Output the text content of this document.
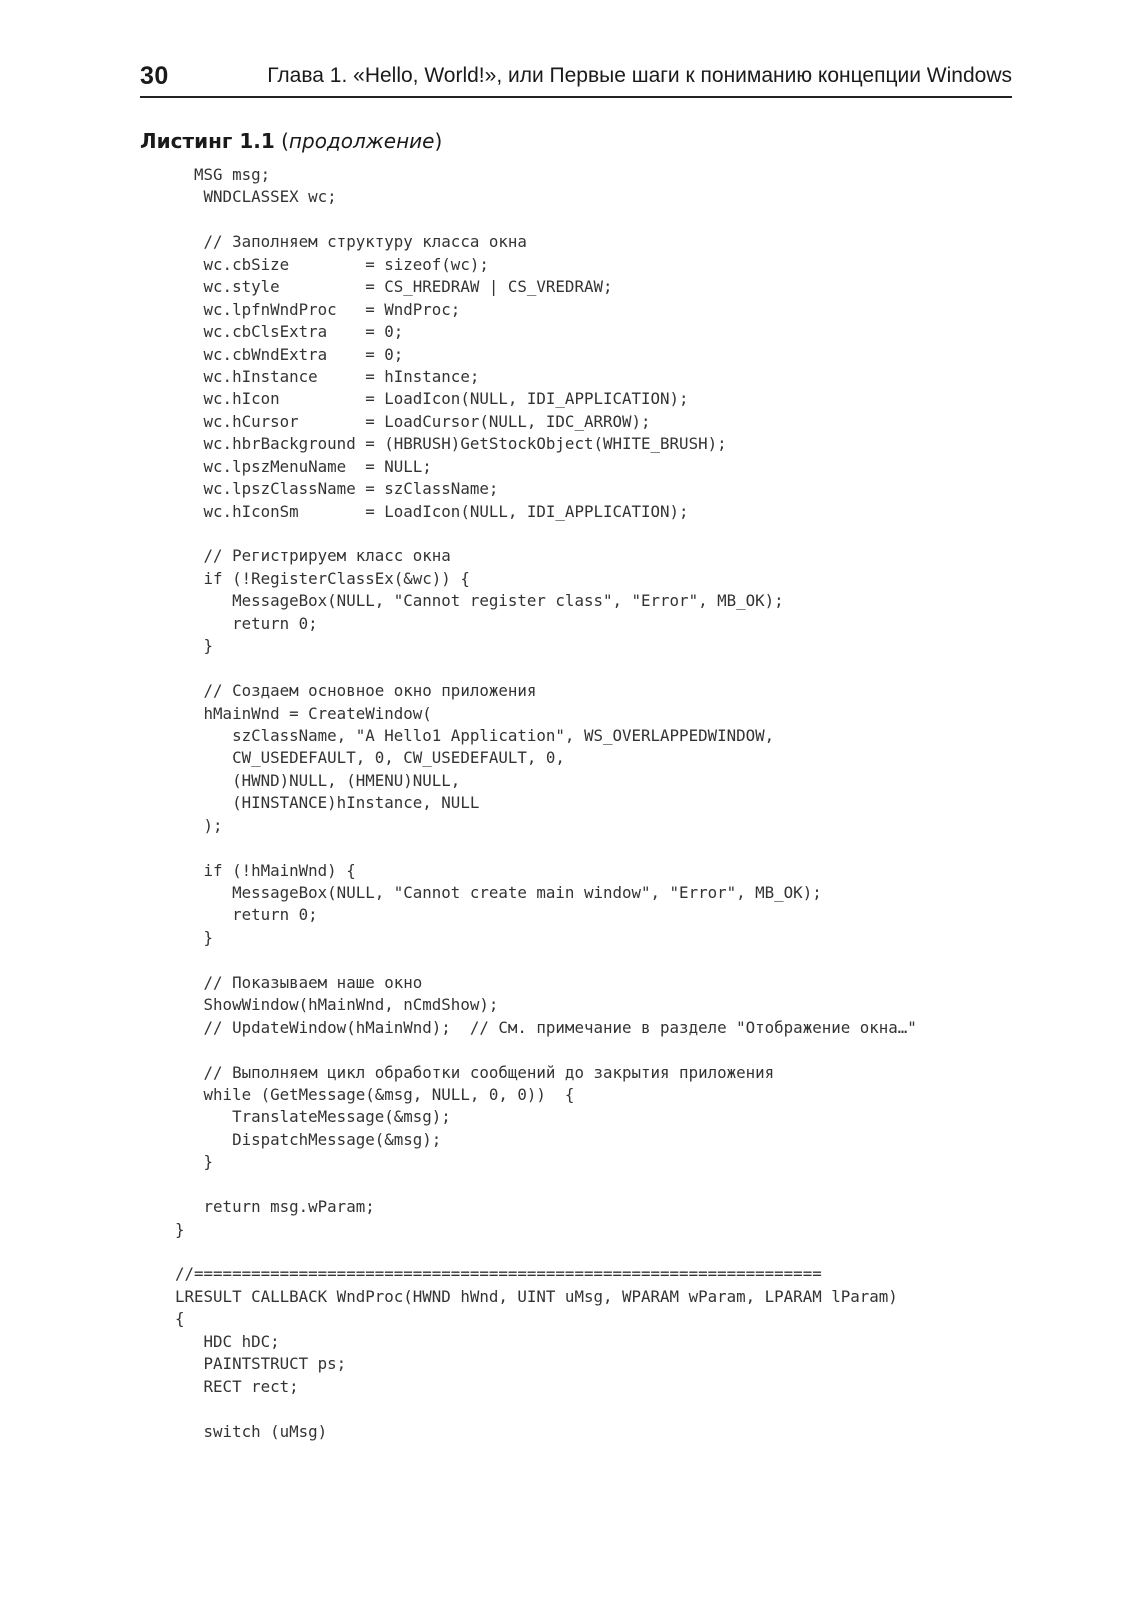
30	Глава 1. «Hello, World!», или Первые шаги к пониманию концепции Windows
Листинг 1.1 (продолжение)
MSG msg;
WNDCLASSEX wc;
// Заполняем структуру класса окна
wc.cbSize        = sizeof(wc);
wc.style         = CS_HREDRAW | CS_VREDRAW;
wc.lpfnWndProc   = WndProc;
wc.cbClsExtra    = 0;
wc.cbWndExtra    = 0;
wc.hInstance     = hInstance;
wc.hIcon         = LoadIcon(NULL, IDI_APPLICATION);
wc.hCursor       = LoadCursor(NULL, IDC_ARROW);
wc.hbrBackground = (HBRUSH)GetStockObject(WHITE_BRUSH);
wc.lpszMenuName  = NULL;
wc.lpszClassName = szClassName;
wc.hIconSm       = LoadIcon(NULL, IDI_APPLICATION);
// Регистрируем класс окна
if (!RegisterClassEx(&wc)) {
MessageBox(NULL, "Cannot register class", "Error", MB_OK);
return 0;
}
// Создаем основное окно приложения
hMainWnd = CreateWindow(
szClassName, "A Hello1 Application", WS_OVERLAPPEDWINDOW,
CW_USEDEFAULT, 0, CW_USEDEFAULT, 0,
(HWND)NULL, (HMENU)NULL,
(HINSTANCE)hInstance, NULL
);
if (!hMainWnd) {
MessageBox(NULL, "Cannot create main window", "Error", MB_OK);
return 0;
}
// Показываем наше окно
ShowWindow(hMainWnd, nCmdShow);
// UpdateWindow(hMainWnd);  // См. примечание в разделе "Отображение окна…"
// Выполняем цикл обработки сообщений до закрытия приложения
while (GetMessage(&msg, NULL, 0, 0))  {
TranslateMessage(&msg);
DispatchMessage(&msg);
}
return msg.wParam;
}
//==================================================================
LRESULT CALLBACK WndProc(HWND hWnd, UINT uMsg, WPARAM wParam, LPARAM lParam)
{
HDC hDC;
PAINTSTRUCT ps;
RECT rect;
switch (uMsg)
